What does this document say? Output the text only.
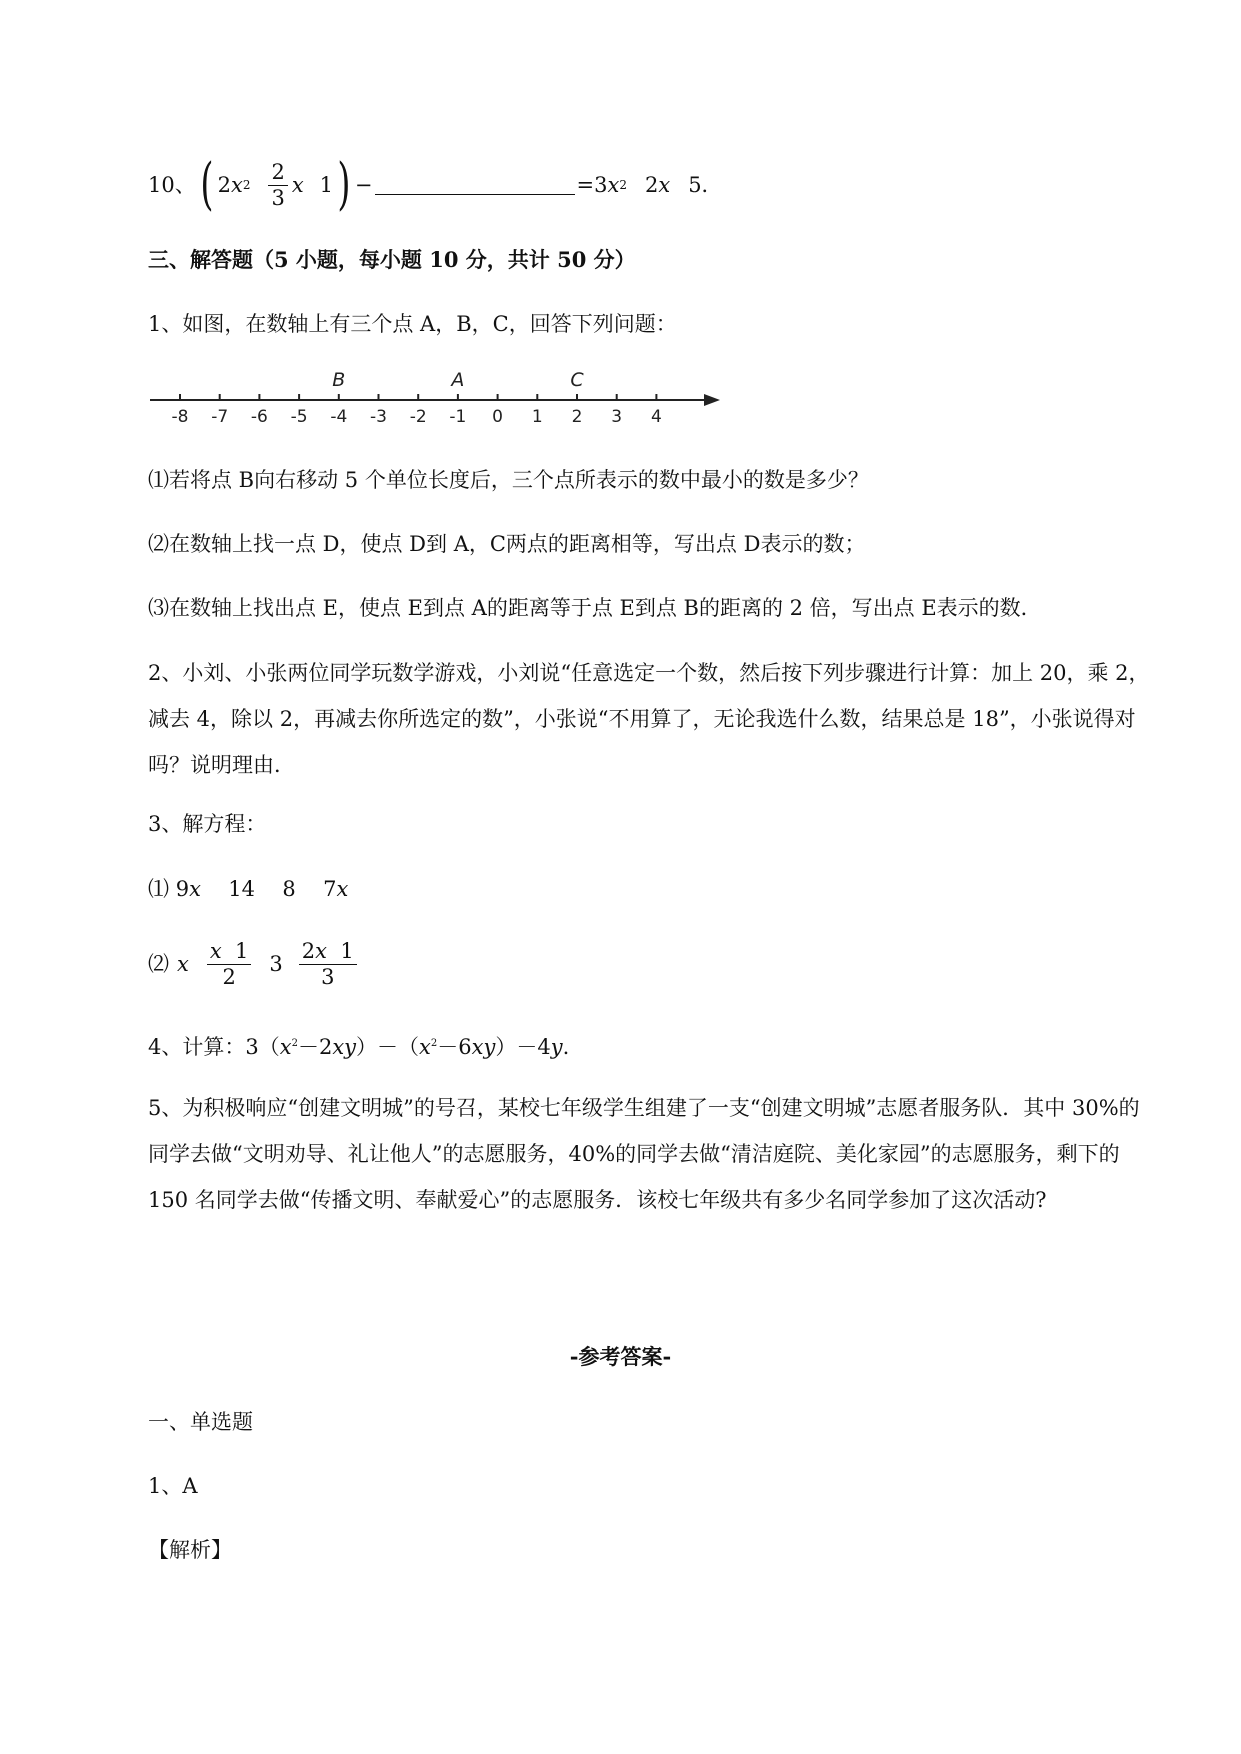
10、 ( 2 x $2 \frac{2}{3}$ x 1 ) −	=3 x 2 2 x 5．
三、解答题（5 小题，每小题 10 分，共计 50 分）
1、如图，在数轴上有三个点 A，B，C，回答下列问题：
-8 -7 -6 -5 -4 -3 -2 -1 0 1 2 3 4
B	A	C
⑴若将点 B向右移动 5 个单位长度后，三个点所表示的数中最小的数是多少？
⑵在数轴上找一点 D，使点 D到 A，C两点的距离相等，写出点 D表示的数；
⑶在数轴上找出点 E，使点 E到点 A的距离等于点 E到点 B的距离的 2 倍，写出点 E表示的数．
2、小刘、小张两位同学玩数学游戏，小刘说“任意选定一个数，然后按下列步骤进行计算：加上 20，乘 2，减去 4，除以 2，再减去你所选定的数”，小张说“不用算了，无论我选什么数，结果总是 18”，小张说得对吗？说明理由．
3、解方程：
⑴ 9x 14 8 7x
⑵ x $\frac{x 1}{2} 3 \frac{2x 1}{3}$
4、计算：$3(x^2-2xy)-(x^2-6xy)-4y$.
5、为积极响应“创建文明城”的号召，某校七年级学生组建了一支“创建文明城”志愿者服务队．其中 30%的同学去做“文明劝导、礼让他人”的志愿服务，40%的同学去做“清洁庭院、美化家园”的志愿服务，剩下的 150 名同学去做“传播文明、奉献爱心”的志愿服务．该校七年级共有多少名同学参加了这次活动?
-参考答案-
一、单选题
1、A
【解析】
